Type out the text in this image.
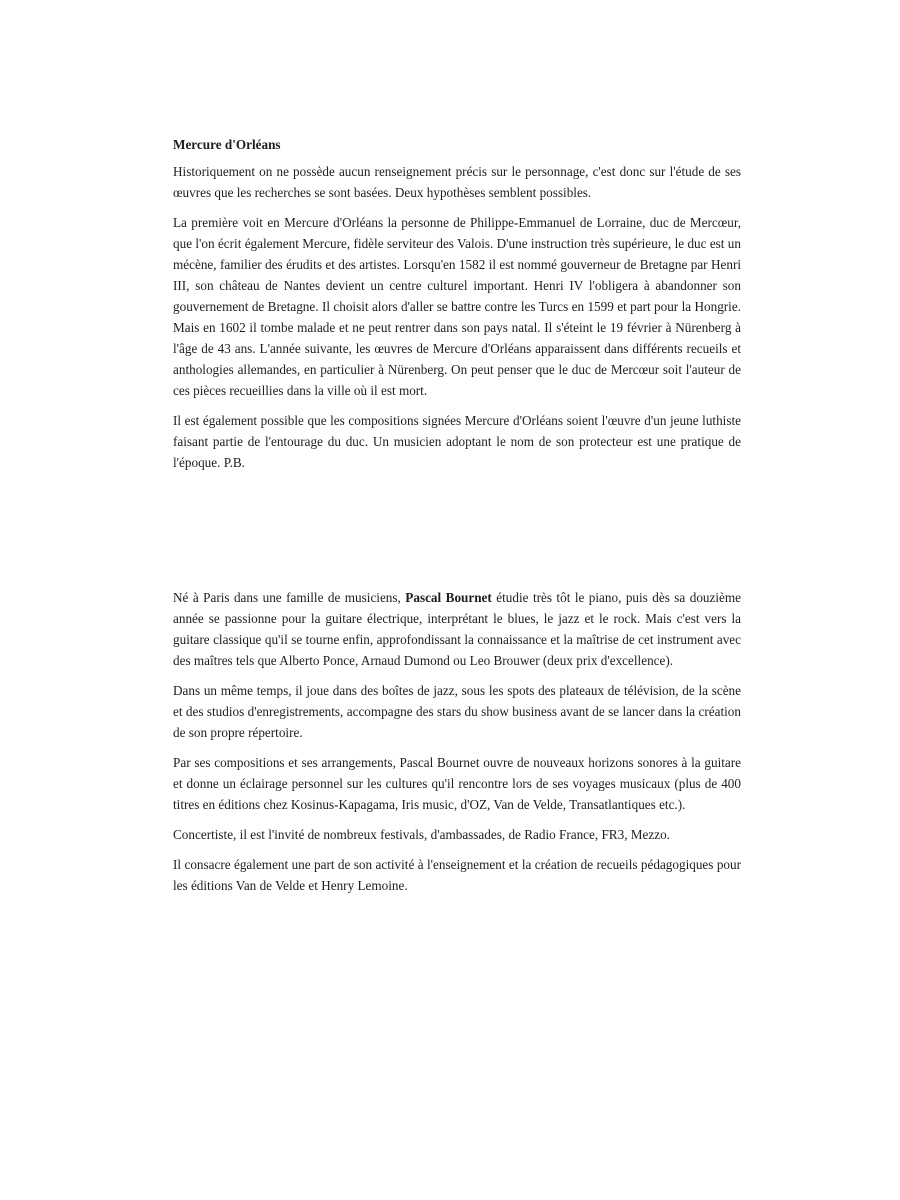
Mercure d'Orléans

Historiquement on ne possède aucun renseignement précis sur le personnage, c'est donc sur l'étude de ses œuvres que les recherches se sont basées. Deux hypothèses semblent possibles.

La première voit en Mercure d'Orléans la personne de Philippe-Emmanuel de Lorraine, duc de Mercœur, que l'on écrit également Mercure, fidèle serviteur des Valois. D'une instruction très supérieure, le duc est un mécène, familier des érudits et des artistes. Lorsqu'en 1582 il est nommé gouverneur de Bretagne par Henri III, son château de Nantes devient un centre culturel important. Henri IV l'obligera à abandonner son gouvernement de Bretagne. Il choisit alors d'aller se battre contre les Turcs en 1599 et part pour la Hongrie. Mais en 1602 il tombe malade et ne peut rentrer dans son pays natal. Il s'éteint le 19 février à Nürenberg à l'âge de 43 ans. L'année suivante, les œuvres de Mercure d'Orléans apparaissent dans différents recueils et anthologies allemandes, en particulier à Nürenberg. On peut penser que le duc de Mercœur soit l'auteur de ces pièces recueillies dans la ville où il est mort.

Il est également possible que les compositions signées Mercure d'Orléans soient l'œuvre d'un jeune luthiste faisant partie de l'entourage du duc. Un musicien adoptant le nom de son protecteur est une pratique de l'époque. P.B.

Né à Paris dans une famille de musiciens, Pascal Bournet étudie très tôt le piano, puis dès sa douzième année se passionne pour la guitare électrique, interprétant le blues, le jazz et le rock. Mais c'est vers la guitare classique qu'il se tourne enfin, approfondissant la connaissance et la maîtrise de cet instrument avec des maîtres tels que Alberto Ponce, Arnaud Dumond ou Leo Brouwer (deux prix d'excellence).

Dans un même temps, il joue dans des boîtes de jazz, sous les spots des plateaux de télévision, de la scène et des studios d'enregistrements, accompagne des stars du show business avant de se lancer dans la création de son propre répertoire.

Par ses compositions et ses arrangements, Pascal Bournet ouvre de nouveaux horizons sonores à la guitare et donne un éclairage personnel sur les cultures qu'il rencontre lors de ses voyages musicaux (plus de 400 titres en éditions chez Kosinus-Kapagama, Iris music, d'OZ, Van de Velde, Transatlantiques etc.).

Concertiste, il est l'invité de nombreux festivals, d'ambassades, de Radio France, FR3, Mezzo.

Il consacre également une part de son activité à l'enseignement et la création de recueils pédagogiques pour les éditions Van de Velde et Henry Lemoine.
